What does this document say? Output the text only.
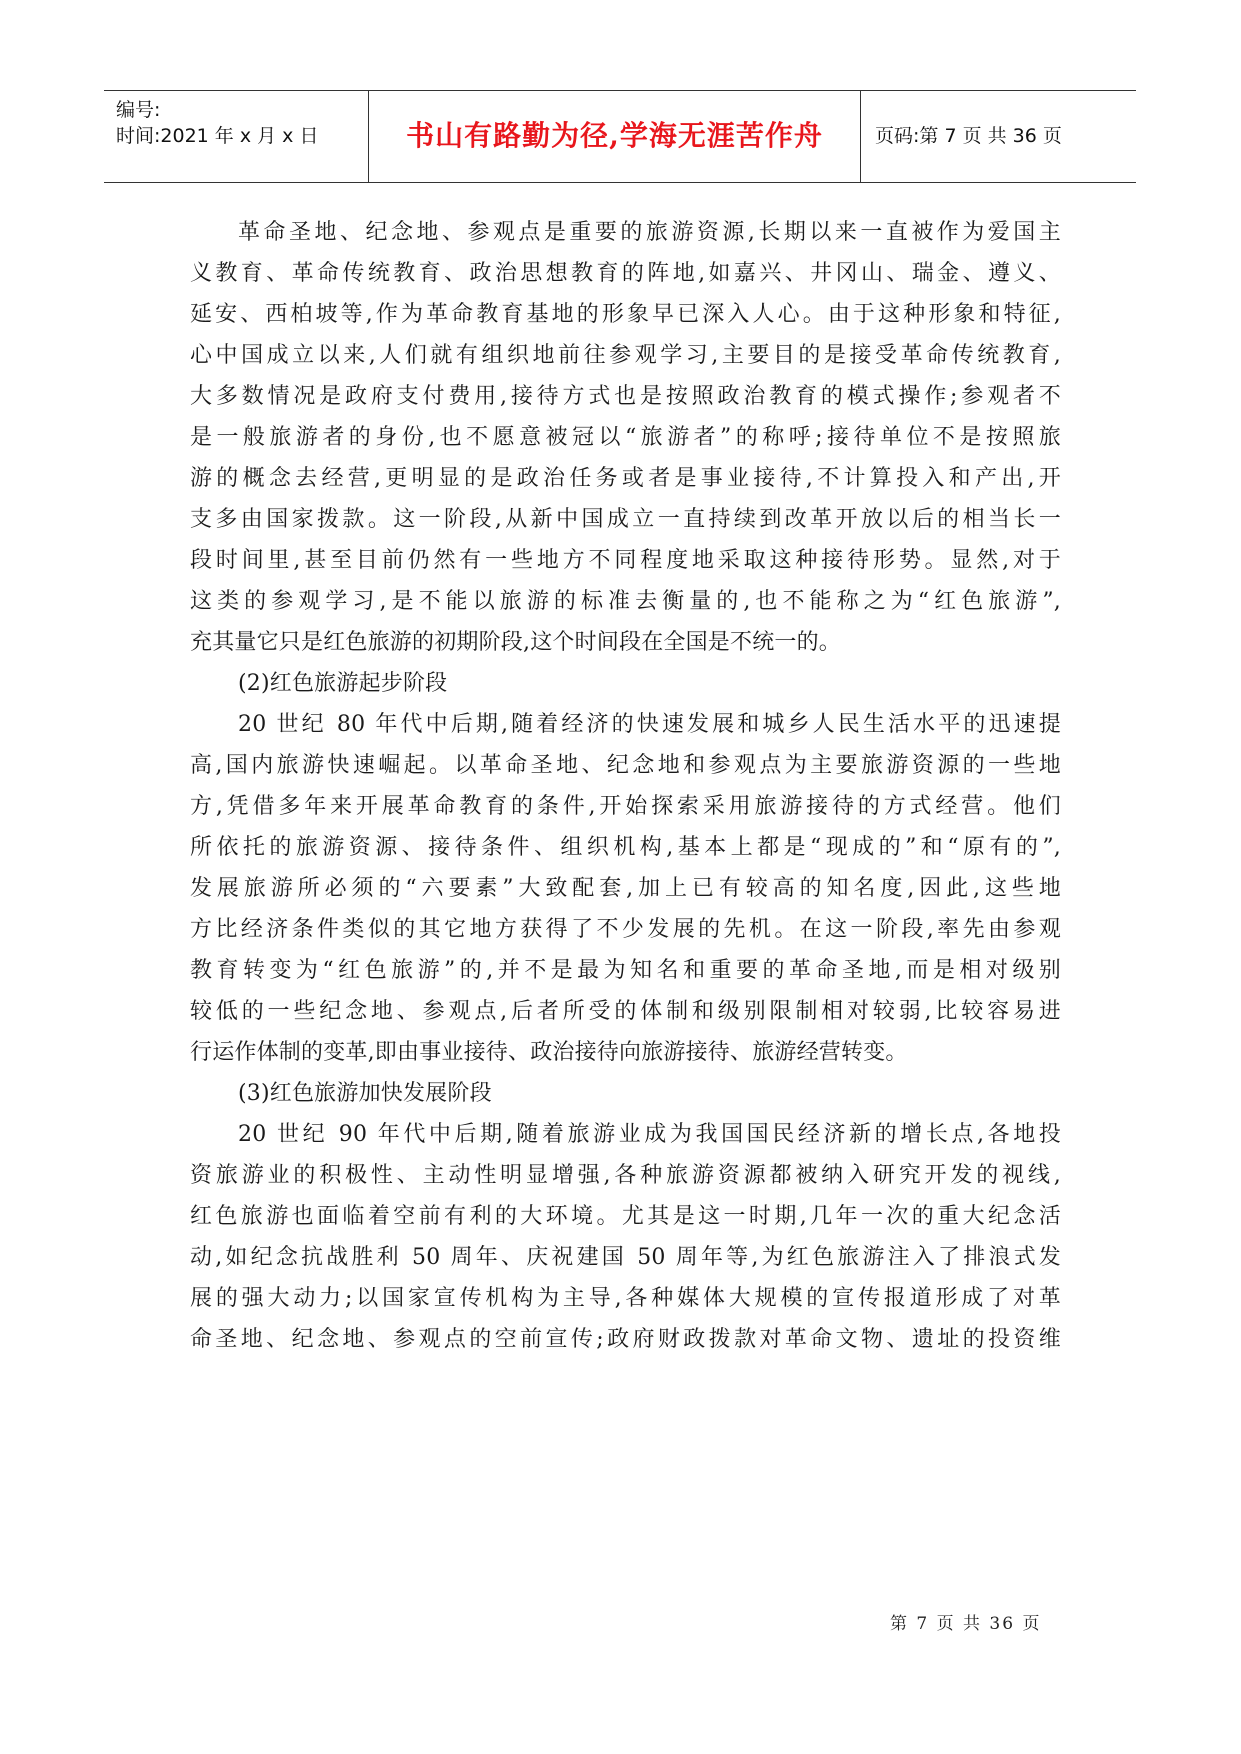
编号:
时间:2021 年 x 月 x 日	书山有路勤为径,学海无涯苦作舟	页码:第 7 页 共 36 页
革命圣地、纪念地、参观点是重要的旅游资源,长期以来一直被作为爱国主
义教育、革命传统教育、政治思想教育的阵地,如嘉兴、井冈山、瑞金、遵义、
延安、西柏坡等,作为革命教育基地的形象早已深入人心。由于这种形象和特征,
心中国成立以来,人们就有组织地前往参观学习,主要目的是接受革命传统教育,
大多数情况是政府支付费用,接待方式也是按照政治教育的模式操作;参观者不
是一般旅游者的身份,也不愿意被冠以“旅游者”的称呼;接待单位不是按照旅
游的概念去经营,更明显的是政治任务或者是事业接待,不计算投入和产出,开
支多由国家拨款。这一阶段,从新中国成立一直持续到改革开放以后的相当长一
段时间里,甚至目前仍然有一些地方不同程度地采取这种接待形势。显然,对于
这类的参观学习,是不能以旅游的标准去衡量的,也不能称之为“红色旅游”,
充其量它只是红色旅游的初期阶段,这个时间段在全国是不统一的。
(2)红色旅游起步阶段
20 世纪 80 年代中后期,随着经济的快速发展和城乡人民生活水平的迅速提
高,国内旅游快速崛起。以革命圣地、纪念地和参观点为主要旅游资源的一些地
方,凭借多年来开展革命教育的条件,开始探索采用旅游接待的方式经营。他们
所依托的旅游资源、接待条件、组织机构,基本上都是“现成的”和“原有的”,
发展旅游所必须的“六要素”大致配套,加上已有较高的知名度,因此,这些地
方比经济条件类似的其它地方获得了不少发展的先机。在这一阶段,率先由参观
教育转变为“红色旅游”的,并不是最为知名和重要的革命圣地,而是相对级别
较低的一些纪念地、参观点,后者所受的体制和级别限制相对较弱,比较容易进
行运作体制的变革,即由事业接待、政治接待向旅游接待、旅游经营转变。
(3)红色旅游加快发展阶段
20 世纪 90 年代中后期,随着旅游业成为我国国民经济新的增长点,各地投
资旅游业的积极性、主动性明显增强,各种旅游资源都被纳入研究开发的视线,
红色旅游也面临着空前有利的大环境。尤其是这一时期,几年一次的重大纪念活
动,如纪念抗战胜利 50 周年、庆祝建国 50 周年等,为红色旅游注入了排浪式发
展的强大动力;以国家宣传机构为主导,各种媒体大规模的宣传报道形成了对革
命圣地、纪念地、参观点的空前宣传;政府财政拨款对革命文物、遗址的投资维
第 7 页 共 36 页
